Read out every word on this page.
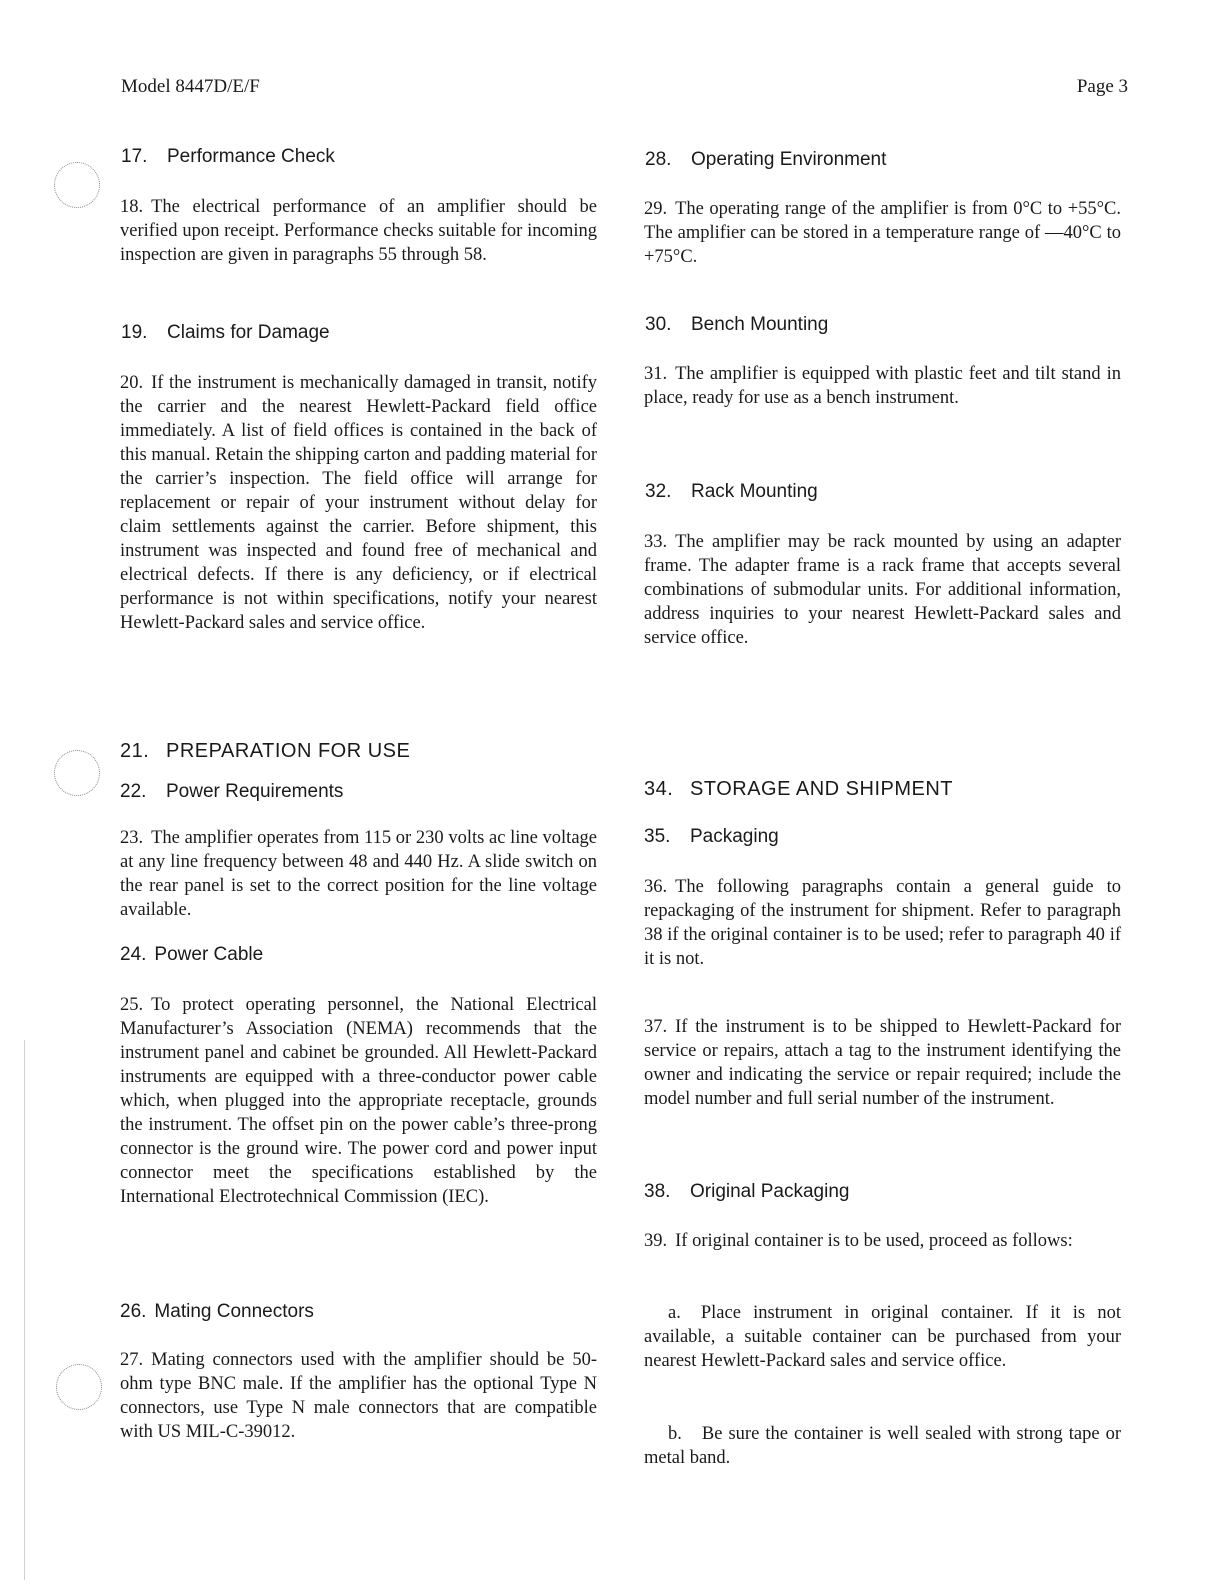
Model 8447D/E/F	Page 3
17. Performance Check
18. The electrical performance of an amplifier should be verified upon receipt. Performance checks suitable for incoming inspection are given in paragraphs 55 through 58.
19. Claims for Damage
20. If the instrument is mechanically damaged in transit, notify the carrier and the nearest Hewlett-Packard field office immediately. A list of field offices is contained in the back of this manual. Retain the shipping carton and padding material for the carrier’s inspection. The field office will arrange for replacement or repair of your instrument without delay for claim settlements against the carrier. Before shipment, this instrument was inspected and found free of mechanical and electrical defects. If there is any deficiency, or if electrical performance is not within specifications, notify your nearest Hewlett-Packard sales and service office.
21. PREPARATION FOR USE
22. Power Requirements
23. The amplifier operates from 115 or 230 volts ac line voltage at any line frequency between 48 and 440 Hz. A slide switch on the rear panel is set to the correct position for the line voltage available.
24. Power Cable
25. To protect operating personnel, the National Electrical Manufacturer’s Association (NEMA) recommends that the instrument panel and cabinet be grounded. All Hewlett-Packard instruments are equipped with a three-conductor power cable which, when plugged into the appropriate receptacle, grounds the instrument. The offset pin on the power cable’s three-prong connector is the ground wire. The power cord and power input connector meet the specifications established by the International Electrotechnical Commission (IEC).
26. Mating Connectors
27. Mating connectors used with the amplifier should be 50-ohm type BNC male. If the amplifier has the optional Type N connectors, use Type N male connectors that are compatible with US MIL-C-39012.
28. Operating Environment
29. The operating range of the amplifier is from 0°C to +55°C. The amplifier can be stored in a temperature range of —40°C to +75°C.
30. Bench Mounting
31. The amplifier is equipped with plastic feet and tilt stand in place, ready for use as a bench instrument.
32. Rack Mounting
33. The amplifier may be rack mounted by using an adapter frame. The adapter frame is a rack frame that accepts several combinations of submodular units. For additional information, address inquiries to your nearest Hewlett-Packard sales and service office.
34. STORAGE AND SHIPMENT
35. Packaging
36. The following paragraphs contain a general guide to repackaging of the instrument for shipment. Refer to paragraph 38 if the original container is to be used; refer to paragraph 40 if it is not.
37. If the instrument is to be shipped to Hewlett-Packard for service or repairs, attach a tag to the instrument identifying the owner and indicating the service or repair required; include the model number and full serial number of the instrument.
38. Original Packaging
39. If original container is to be used, proceed as follows:
a. Place instrument in original container. If it is not available, a suitable container can be purchased from your nearest Hewlett-Packard sales and service office.
b. Be sure the container is well sealed with strong tape or metal band.
